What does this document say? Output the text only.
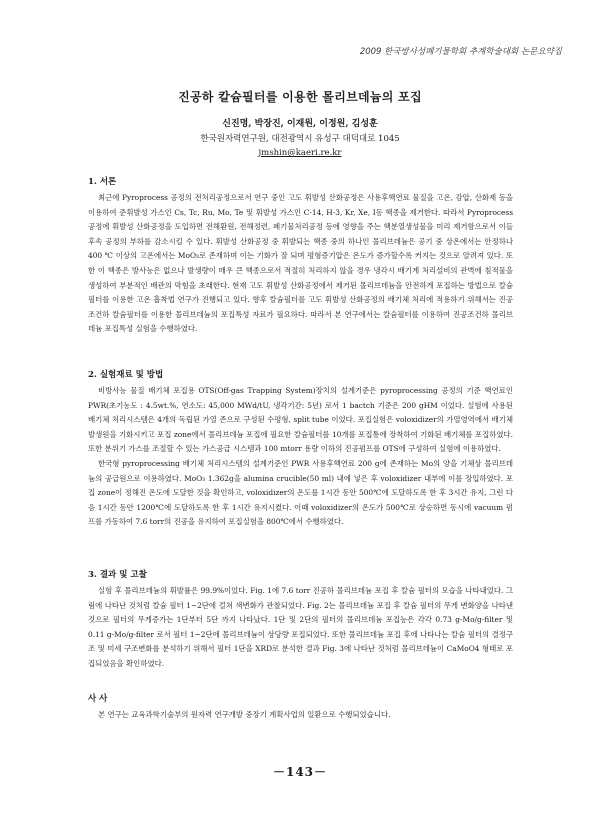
2009 한국방사성폐기물학회 추계학술대회 논문요약집
진공하 칼슘필터를 이용한 몰리브데늄의 포집
신진명, 박장진, 이재원, 이정원, 김성훈
한국원자력연구원, 대전광역시 유성구 대덕대로 1045
jmshin@kaeri.re.kr
1. 서론

최근에 Pyroprocess 공정의 전처리공정으로서 연구 중인 고도 휘발성 산화공정은 사용후핵연료 물질을 고온, 감압, 산화제 등을 이용하여 준휘발성 가스인 Cs, Tc, Ru, Mo, Te 및 휘발성 가스인 C-14, H-3, Kr, Xe, I등 핵종을 제거한다. 따라서 Pyroprocess 공정에 휘발성 산화공정을 도입하면 전해환원, 전해정련, 폐기물처리공정 등에 영향을 주는 핵분열생성물을 미리 제거함으로서 이들 후속 공정의 부하를 감소시킬 수 있다. 휘발성 산화공정 중 휘발되는 핵종 중의 하나인 몰리브데늄은 공기 중 상온에서는 안정하나 400 ℃ 이상의 고온에서는 MoO₃로 존재하며 이는 기화가 잘 되며 평형증기압은 온도가 증가할수록 커지는 것으로 알려져 있다. 또한 이 핵종은 방사능은 없으나 발생량이 매우 큰 핵종으로서 적절히 처리하지 않을 경우 냉각시 배기계 처리설비의 관벽에 침적물을 생성하여 부분적인 배관의 막힘을 초래한다. 현재 고도 휘발성 산화공정에서 제거된 몰리브데늄을 안전하게 포집하는 방법으로 칼슘필터를 이용한 고온 흡착법 연구가 진행되고 있다. 향후 칼슘필터를 고도 휘발성 산화공정의 배기체 처리에 적용하기 위해서는 진공조건하 칼슘필터를 이용한 몰리브데늄의 포집특성 자료가 필요하다. 따라서 본 연구에서는 칼슘필터를 이용하여 진공조건하 몰리브데늄 포집특성 실험을 수행하였다.

2. 실험재료 및 방법

비방사능 물질 배기체 포집용 OTS(Off-gas Trapping System)장치의 설계기준은 pyroprocessing 공정의 기준 핵연료인 PWR(초기농도 : 4.5wt.%, 연소도: 45,000 MWd/tU, 냉각기간: 5년) 로서 1 bactch 기준은 200 gHM 이었다. 실험에 사용된 배기체 처리시스템은 4개의 독립된 가열 존으로 구성된 수평형, split tube 이었다. 포집실험은 voloxidizer의 가열영역에서 배기체 발생원을 기화시키고 포집 zone에서 몰리브데늄 포집에 필요한 칼슘필터를 10개를 포집통에 장착하여 기화된 배기체를 포집하였다. 또한 분위기 가스를 조절할 수 있는 가스공급 시스템과 100 mtorr 용량 이하의 진공펌프를 OTS에 구성하여 실험에 이용하였다.

한국형 pyroprocessing 배기체 처리시스템의 설계기준인 PWR 사용후핵연료 200 g에 존재하는 Mo의 양을 기체상 몰리브데늄의 공급원으로 이용하였다. MoO₃ 1.362g을 alumina crucible(50 ml) 내에 넣은 후 voloxidizer 내부에 이를 장입하였다. 포집 zone이 정해진 온도에 도달한 것을 확인하고, voloxidizer의 온도를 1시간 동안 500℃에 도달하도록 한 후 3시간 유지, 그런 다음 1시간 동안 1200℃에 도달하도록 한 후 1시간 유지시켰다. 이때 voloxidizer의 온도가 500℃로 상승하면 동시에 vacuum 펌프를 가동하여 7.6 torr의 진공을 유지하여 포집실험을 800℃에서 수행하였다.

3. 결과 및 고찰

실험 후 몰리브데늄의 휘발률은 99.9%이었다. Fig. 1에 7.6 torr 진공하 몰리브데늄 포집 후 칼슘 필터의 모습을 나타내었다. 그림에 나타난 것처럼 칼슘 필터 1~2단에 걸쳐 색변화가 관찰되었다. Fig. 2는 몰리브데늄 포집 후 칼슘 필터의 무게 변화양을 나타낸 것으로 필터의 무게증가는 1단부터 5단 까지 나타났다. 1단 및 2단의 필터의 몰리브데늄 포집능은 각각 0.73 g-Mo/g-filter 및 0.11 g-Mo/g-filter 로서 필터 1~2단에 몰리브데늄이 상당량 포집되었다. 또한 몰리브데늄 포집 후에 나타나는 칼슘 필터의 결정구조 및 미세 구조변화를 분석하기 위해서 필터 1단을 XRD로 분석한 결과 Fig. 3에 나타난 것처럼 몰리브데늄이 CaMoO4 형태로 포집되었음을 확인하였다.

사 사

본 연구는 교육과학기술부의 원자력 연구개발 중장기 계획사업의 일환으로 수행되었습니다.

－143－
